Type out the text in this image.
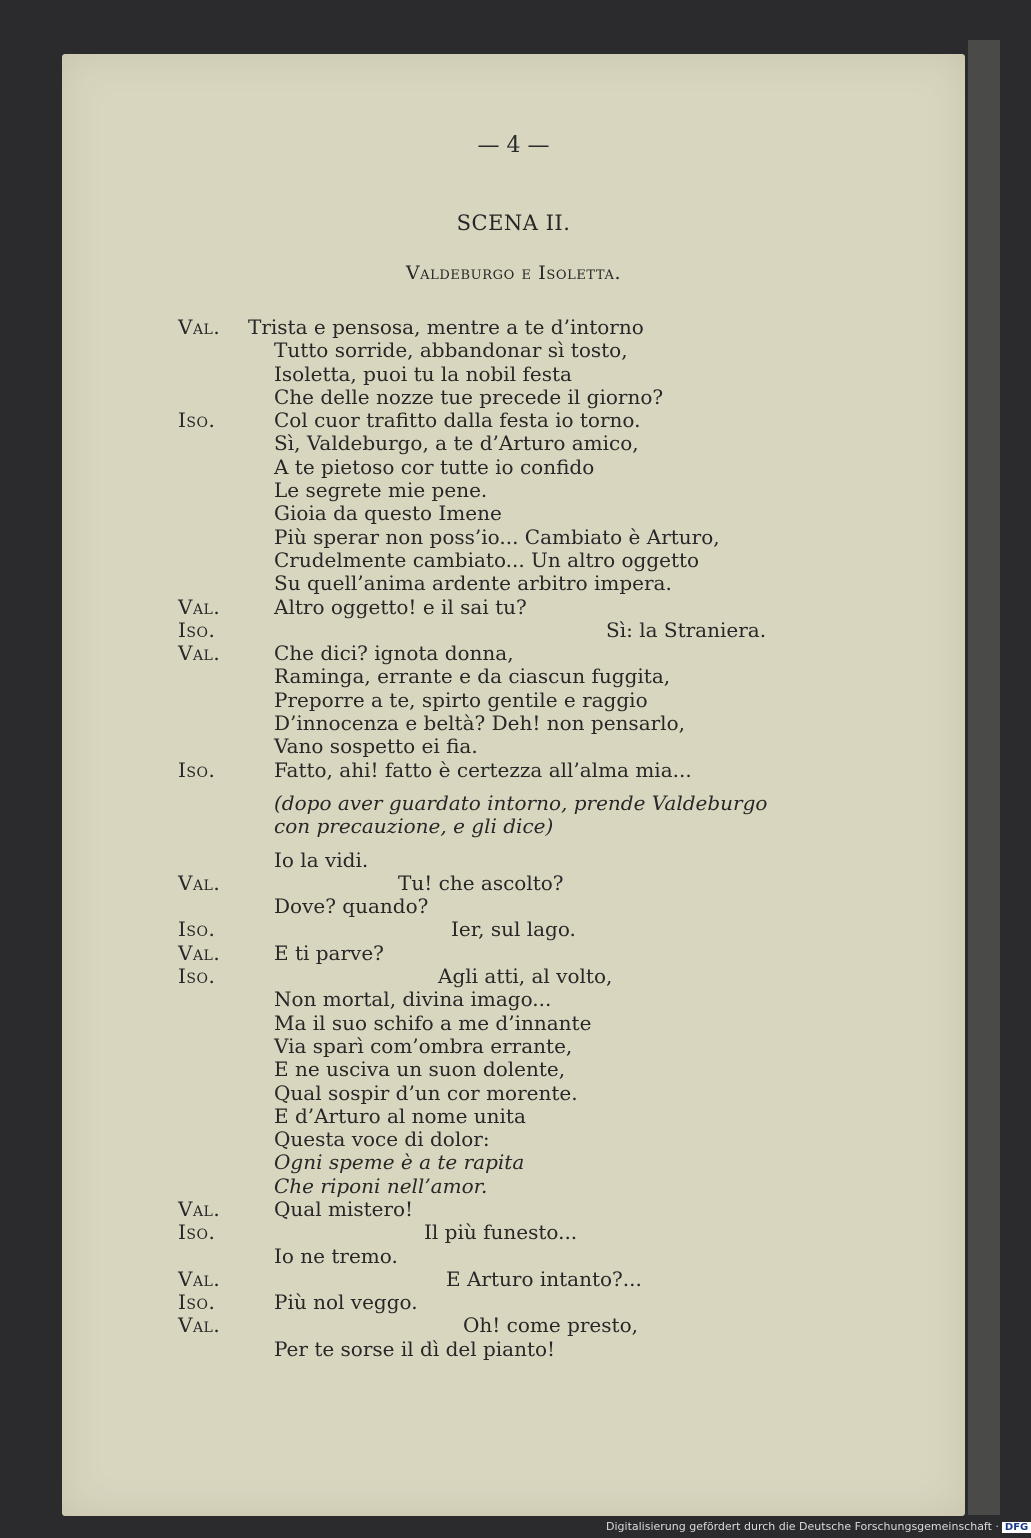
— 4 —
SCENA II.
Valdeburgo e Isoletta.
Val. Trista e pensosa, mentre a te d’intorno
Tutto sorride, abbandonar sì tosto,
Isoletta, puoi tu la nobil festa
Che delle nozze tue precede il giorno?
Iso.	Col cuor trafitto dalla festa io torno.
Sì, Valdeburgo, a te d’Arturo amico,
A te pietoso cor tutte io confido
Le segrete mie pene.
Gioia da questo Imene
Più sperar non poss’io... Cambiato è Arturo,
Crudelmente cambiato... Un altro oggetto
Su quell’anima ardente arbitro impera.
Val.	Altro oggetto! e il sai tu?
Iso.	Sì: la Straniera.
Val.	Che dici? ignota donna,
Raminga, errante e da ciascun fuggita,
Preporre a te, spirto gentile e raggio
D’innocenza e beltà? Deh! non pensarlo,
Vano sospetto ei fia.
Iso.	Fatto, ahi! fatto è certezza all’alma mia...
(dopo aver guardato intorno, prende Valdeburgo
con precauzione, e gli dice)
Io la vidi.
Val.	Tu! che ascolto?
Dove? quando?
Iso.	Ier, sul lago.
Val.	E ti parve?
Iso.	Agli atti, al volto,
Non mortal, divina imago...
Ma il suo schifo a me d’innante
Via sparì com’ombra errante,
E ne usciva un suon dolente,
Qual sospir d’un cor morente.
E d’Arturo al nome unita
Questa voce di dolor:
Ogni speme è a te rapita
Che riponi nell’amor.
Val.	Qual mistero!
Iso.	Il più funesto...
Io ne tremo.
Val.	E Arturo intanto?...
Iso.	Più nol veggo.
Val.	Oh! come presto,
Per te sorse il dì del pianto!
Digitalisierung gefördert durch die Deutsche Forschungsgemeinschaft · DFG
